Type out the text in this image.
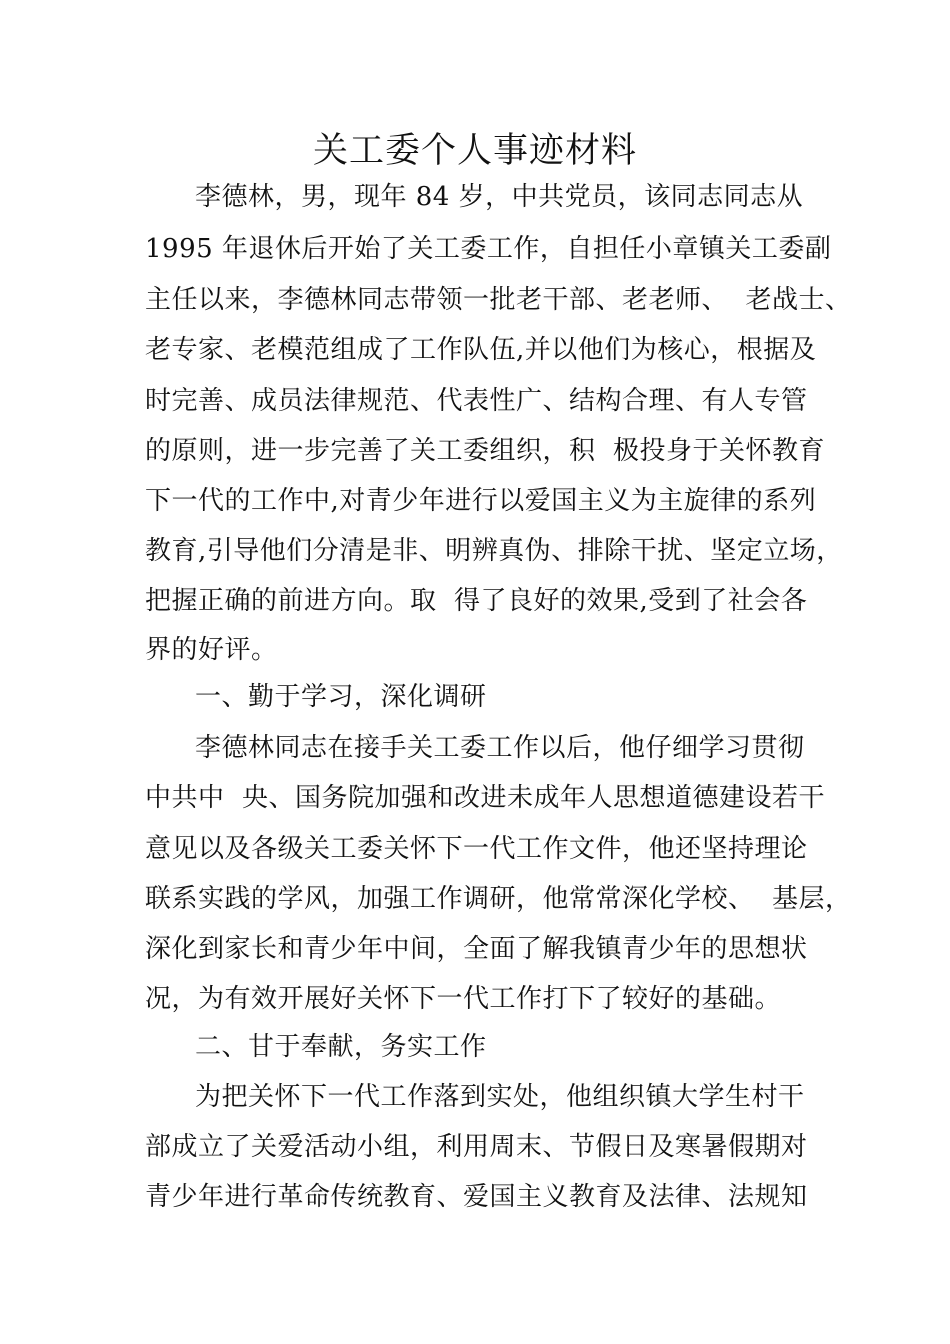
关工委个人事迹材料
李德林，男，现年 84 岁，中共党员，该同志同志从
1995 年退休后开始了关工委工作，自担任小章镇关工委副
主任以来，李德林同志带领一批老干部、老老师、  老战士、
老专家、老模范组成了工作队伍,并以他们为核心，根据及
时完善、成员法律规范、代表性广、结构合理、有人专管
的原则，进一步完善了关工委组织，积  极投身于关怀教育
下一代的工作中,对青少年进行以爱国主义为主旋律的系列
教育,引导他们分清是非、明辨真伪、排除干扰、坚定立场，
把握正确的前进方向。取  得了良好的效果,受到了社会各
界的好评。
一、勤于学习，深化调研
李德林同志在接手关工委工作以后，他仔细学习贯彻
中共中  央、国务院加强和改进未成年人思想道德建设若干
意见以及各级关工委关怀下一代工作文件，他还坚持理论
联系实践的学风，加强工作调研，他常常深化学校、  基层，
深化到家长和青少年中间，全面了解我镇青少年的思想状
况，为有效开展好关怀下一代工作打下了较好的基础。
二、甘于奉献，务实工作
为把关怀下一代工作落到实处，他组织镇大学生村干
部成立了关爱活动小组，利用周末、节假日及寒暑假期对
青少年进行革命传统教育、爱国主义教育及法律、法规知
